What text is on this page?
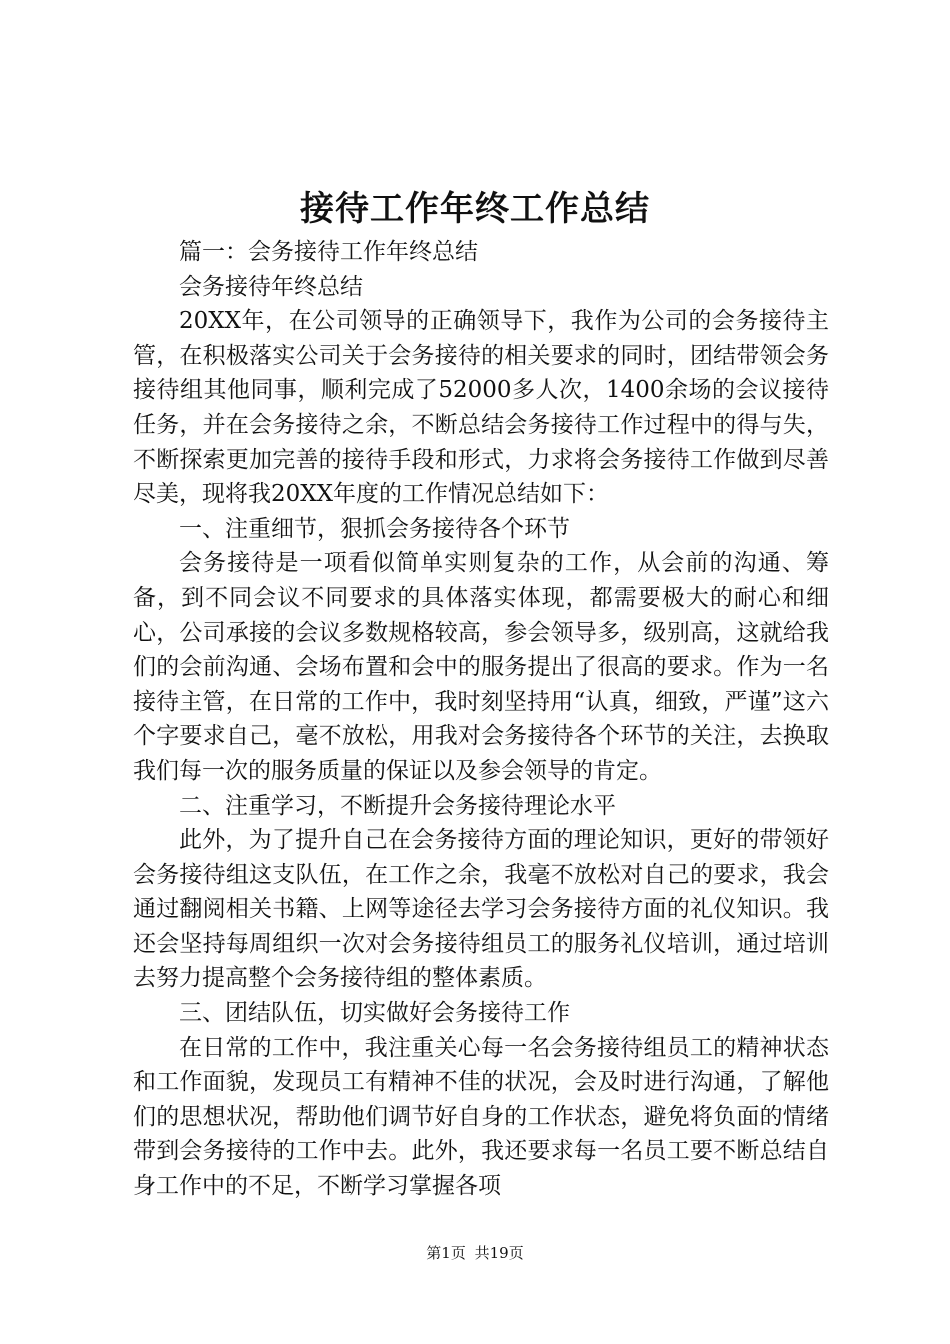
接待工作年终工作总结

篇一：会务接待工作年终总结

会务接待年终总结

20XX年，在公司领导的正确领导下，我作为公司的会务接待主管，在积极落实公司关于会务接待的相关要求的同时，团结带领会务接待组其他同事，顺利完成了52000多人次，1400余场的会议接待任务，并在会务接待之余，不断总结会务接待工作过程中的得与失，不断探索更加完善的接待手段和形式，力求将会务接待工作做到尽善尽美，现将我20XX年度的工作情况总结如下：

一、注重细节，狠抓会务接待各个环节

会务接待是一项看似简单实则复杂的工作，从会前的沟通、筹备，到不同会议不同要求的具体落实体现，都需要极大的耐心和细心，公司承接的会议多数规格较高，参会领导多，级别高，这就给我们的会前沟通、会场布置和会中的服务提出了很高的要求。作为一名接待主管，在日常的工作中，我时刻坚持用“认真，细致，严谨”这六个字要求自己，毫不放松，用我对会务接待各个环节的关注，去换取我们每一次的服务质量的保证以及参会领导的肯定。

二、注重学习，不断提升会务接待理论水平

此外，为了提升自己在会务接待方面的理论知识，更好的带领好会务接待组这支队伍，在工作之余，我毫不放松对自己的要求，我会通过翻阅相关书籍、上网等途径去学习会务接待方面的礼仪知识。我还会坚持每周组织一次对会务接待组员工的服务礼仪培训，通过培训去努力提高整个会务接待组的整体素质。

三、团结队伍，切实做好会务接待工作

在日常的工作中，我注重关心每一名会务接待组员工的精神状态和工作面貌，发现员工有精神不佳的状况，会及时进行沟通，了解他们的思想状况，帮助他们调节好自身的工作状态，避免将负面的情绪带到会务接待的工作中去。此外，我还要求每一名员工要不断总结自身工作中的不足，不断学习掌握各项

第1页 共19页
